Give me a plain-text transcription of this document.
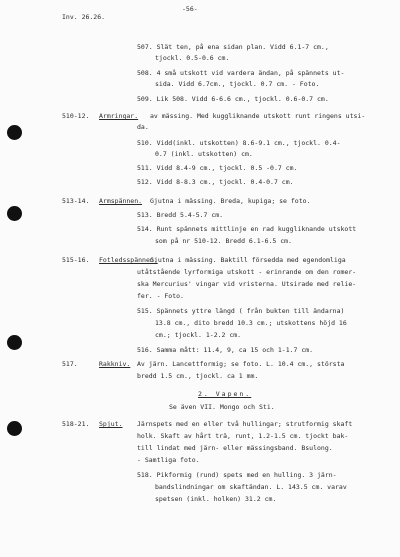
Inv. 26.26.
-56-
507. Slät ten, på ena sidan plan. Vidd 6.1-7 cm.,
tjockl. 0.5-0.6 cm.
508. 4 små utskott vid vardera ändan, på spännets ut-
sida. Vidd 6.7cm., tjockl. 0.7 cm. - Foto.
509. Lik 508. Vidd 6-6.6 cm., tjockl. 0.6-0.7 cm.
510-12. Armringar. av mässing. Med kuggliknande utskott runt ringens utsi-
da.
510. Vidd(inkl. utskotten) 8.6-9.1 cm., tjockl. 0.4-
0.7 (inkl. utskotten) cm.
511. Vidd 8.4-9 cm., tjockl. 0.5 -0.7 cm.
512. Vidd 8-8.3 cm., tjockl. 0.4-0.7 cm.
513-14. Armspännen. Gjutna i mässing. Breda, kupiga; se foto.
513. Bredd 5.4-5.7 cm.
514. Runt spännets mittlinje en rad kuggliknande utskott
som på nr 510-12. Bredd 6.1-6.5 cm.
515-16. Fotledsspännen.
Gjutna i mässing. Baktill försedda med egendomliga
utåtstående lyrformiga utskott - erinrande om den romer-
ska Mercurius' vingar vid vristerna. Utsirade med relie-
fer. - Foto.
515. Spännets yttre längd ( från bukten till ändarna)
13.8 cm., dito bredd 10.3 cm.; utskottens höjd 16
cm.; tjockl. 1-2.2 cm.
516. Samma mått: 11.4, 9, ca 15 och 1-1.7 cm.
517.	Rakkniv. Av järn. Lancettformig; se foto. L. 10.4 cm., största
bredd 1.5 cm., tjockl. ca 1 mm.
2. Vapen.
Se även VII. Mongo och Sti.
518-21. Spjut. Järnspets med en eller två hullingar; strutformig skaft
holk. Skaft av hårt trä, runt, 1.2-1.5 cm. tjockt bak-
till lindat med järn- eller mässingsband. Bsulong.
- Samtliga foto.
518. Pikformig (rund) spets med en hulling. 3 järn-
bandslindningar om skaftändan. L. 143.5 cm. varav
spetsen (inkl. holken) 31.2 cm.
